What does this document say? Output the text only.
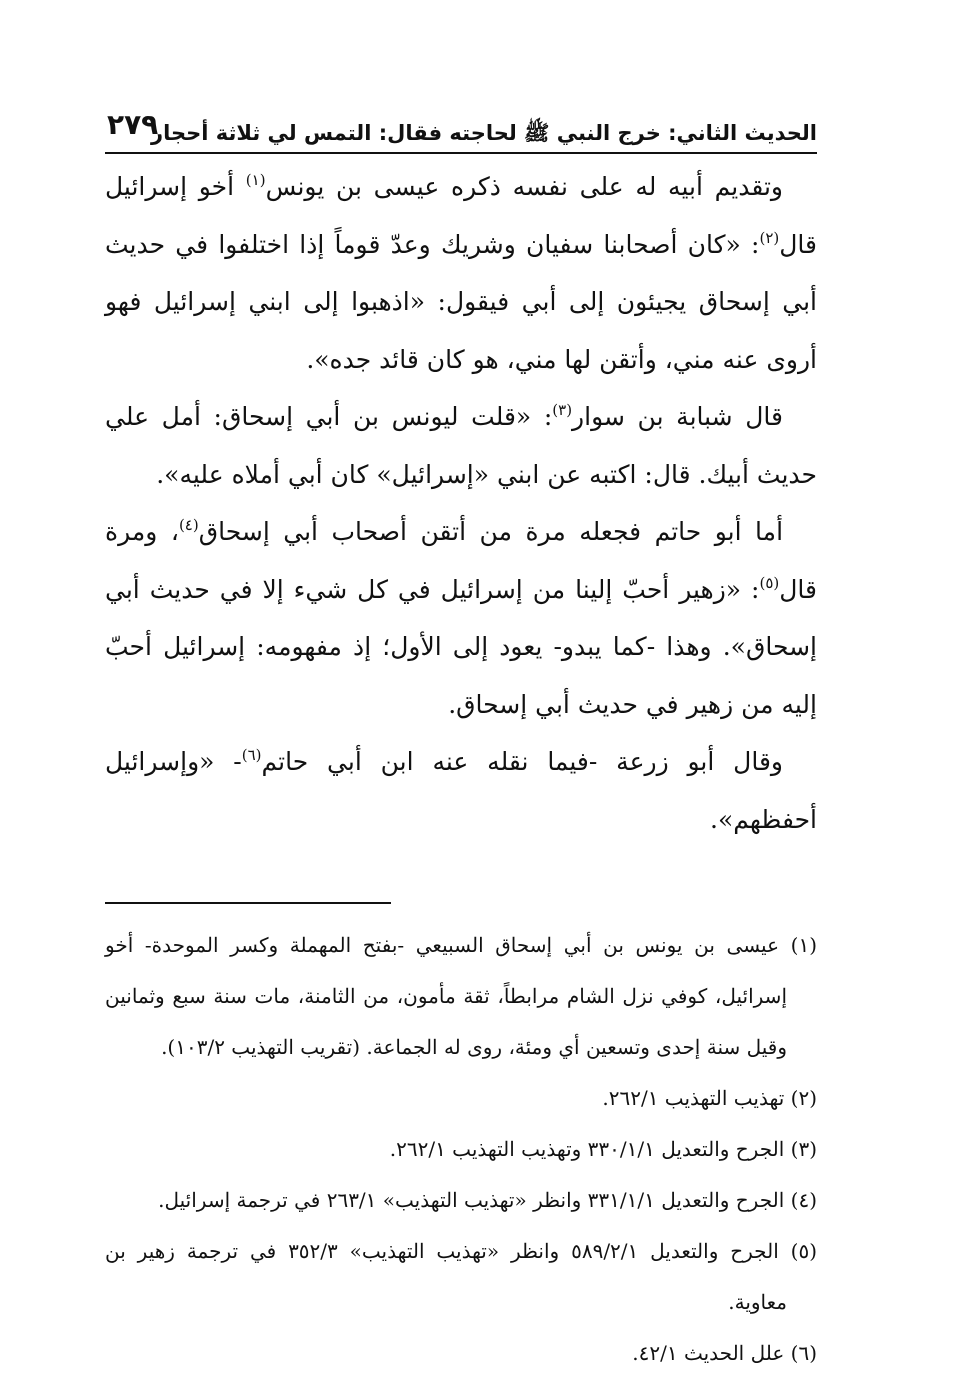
الحديث الثاني: خرج النبي ﷺ لحاجته فقال: التمس لي ثلاثة أحجار
٢٧٩

وتقديم أبيه له على نفسه ذكره عيسى بن يونس$^{(١)}$ أخو إسرائيل قال$^{(٢)}$: «كان أصحابنا سفيان وشريك وعدّ قوماً إذا اختلفوا في حديث أبي إسحاق يجيئون إلى أبي فيقول: «اذهبوا إلى ابني إسرائيل فهو أروى عنه مني، وأتقن لها مني، هو كان قائد جده».

قال شبابة بن سوار$^{(٣)}$: «قلت ليونس بن أبي إسحاق: أمل علي حديث أبيك. قال: اكتبه عن ابني «إسرائيل» كان أبي أملاه عليه».

أما أبو حاتم فجعله مرة من أتقن أصحاب أبي إسحاق$^{(٤)}$، ومرة قال$^{(٥)}$: «زهير أحبّ إلينا من إسرائيل في كل شيء إلا في حديث أبي إسحاق». وهذا -كما يبدو- يعود إلى الأول؛ إذ مفهومه: إسرائيل أحبّ إليه من زهير في حديث أبي إسحاق.

وقال أبو زرعة -فيما نقله عنه ابن أبي حاتم$^{(٦)}$- «وإسرائيل أحفظهم».

(١) عيسى بن يونس بن أبي إسحاق السبيعي -بفتح المهملة وكسر الموحدة- أخو إسرائيل، كوفي نزل الشام مرابطاً، ثقة مأمون، من الثامنة، مات سنة سبع وثمانين وقيل سنة إحدى وتسعين أي ومئة، روى له الجماعة. (تقريب التهذيب ١٠٣/٢).

(٢) تهذيب التهذيب ٢٦٢/١.

(٣) الجرح والتعديل ٣٣٠/١/١ وتهذيب التهذيب ٢٦٢/١.

(٤) الجرح والتعديل ٣٣١/١/١ وانظر «تهذيب التهذيب» ٢٦٣/١ في ترجمة إسرائيل.

(٥) الجرح والتعديل ٥٨٩/٢/١ وانظر «تهذيب التهذيب» ٣٥٢/٣ في ترجمة زهير بن معاوية.

(٦) علل الحديث ٤٢/١.
